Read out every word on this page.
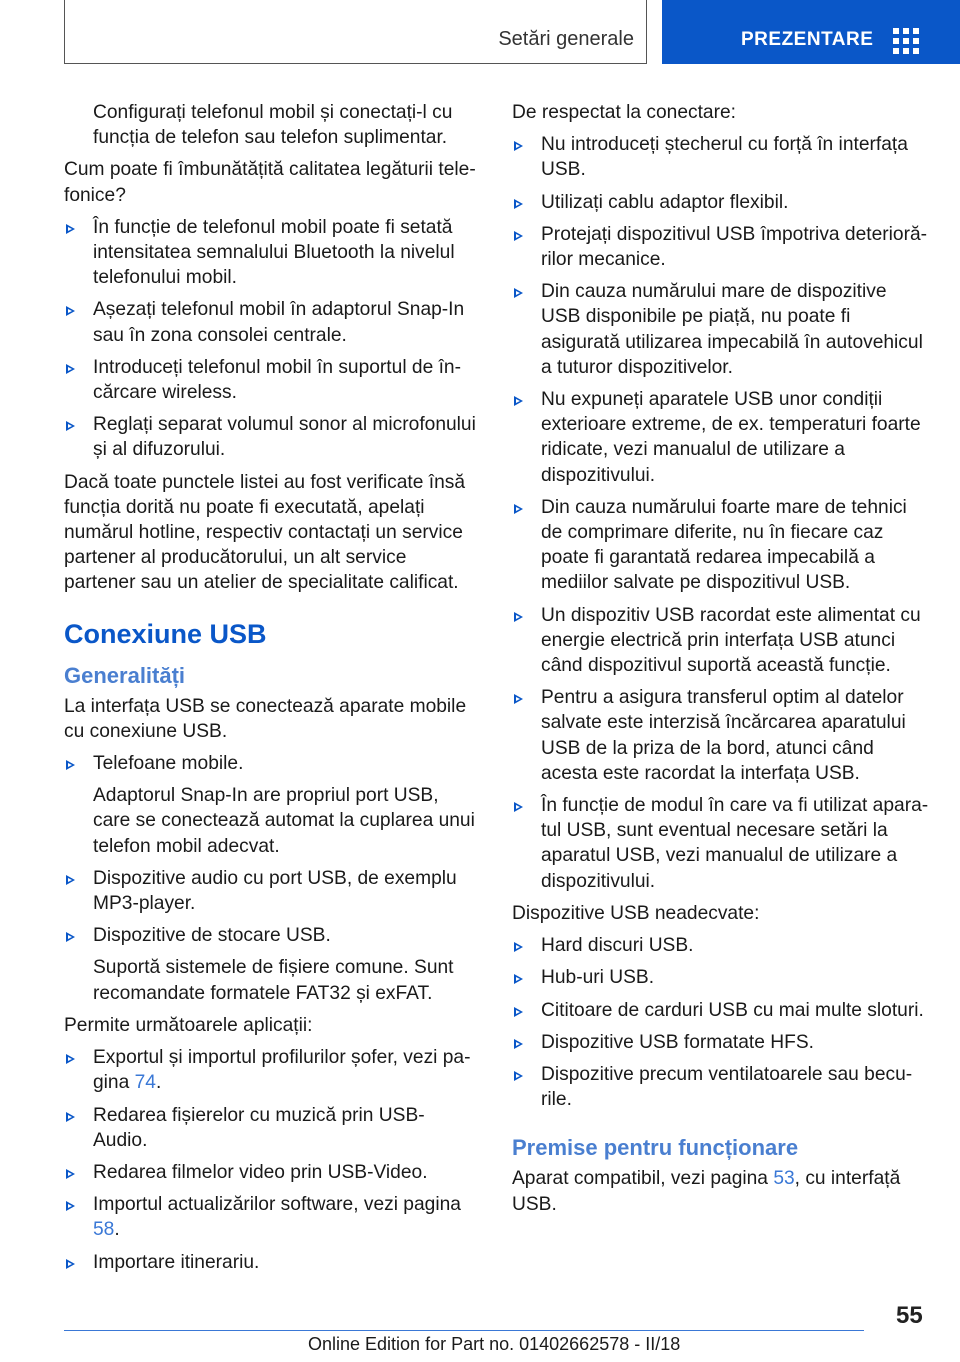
Setări generale	PREZENTARE

Configurați telefonul mobil și conectați-l cu funcția de telefon sau telefon suplimentar.

Cum poate fi îmbunătățită calitatea legăturii telefonice?

În funcție de telefonul mobil poate fi setată intensitatea semnalului Bluetooth la nivelul telefonului mobil.
Așezați telefonul mobil în adaptorul Snap-In sau în zona consolei centrale.
Introduceți telefonul mobil în suportul de încărcare wireless.
Reglați separat volumul sonor al microfonului și al difuzorului.

Dacă toate punctele listei au fost verificate însă funcția dorită nu poate fi executată, apelați numărul hotline, respectiv contactați un service partener al producătorului, un alt service partener sau un atelier de specialitate calificat.

Conexiune USB
Generalități

La interfața USB se conectează aparate mobile cu conexiune USB.

Telefoane mobile.
Adaptorul Snap-In are propriul port USB, care se conectează automat la cuplarea unui telefon mobil adecvat.
Dispozitive audio cu port USB, de exemplu MP3-player.
Dispozitive de stocare USB.
Suportă sistemele de fișiere comune. Sunt recomandate formatele FAT32 și exFAT.

Permite următoarele aplicații:

Exportul și importul profilurilor șofer, vezi pagina 74.
Redarea fișierelor cu muzică prin USB-Audio.
Redarea filmelor video prin USB-Video.
Importul actualizărilor software, vezi pagina 58.
Importare itinerariu.

De respectat la conectare:

Nu introduceți ștecherul cu forță în interfața USB.
Utilizați cablu adaptor flexibil.
Protejați dispozitivul USB împotriva deteriorărilor mecanice.
Din cauza numărului mare de dispozitive USB disponibile pe piață, nu poate fi asigurată utilizarea impecabilă în autovehicul a tuturor dispozitivelor.
Nu expuneți aparatele USB unor condiții exterioare extreme, de ex. temperaturi foarte ridicate, vezi manualul de utilizare a dispozitivului.
Din cauza numărului foarte mare de tehnici de comprimare diferite, nu în fiecare caz poate fi garantată redarea impecabilă a mediilor salvate pe dispozitivul USB.
Un dispozitiv USB racordat este alimentat cu energie electrică prin interfața USB atunci când dispozitivul suportă această funcție.
Pentru a asigura transferul optim al datelor salvate este interzisă încărcarea aparatului USB de la priza de la bord, atunci când acesta este racordat la interfața USB.
În funcție de modul în care va fi utilizat aparatul USB, sunt eventual necesare setări la aparatul USB, vezi manualul de utilizare a dispozitivului.

Dispozitive USB neadecvate:

Hard discuri USB.
Hub-uri USB.
Cititoare de carduri USB cu mai multe sloturi.
Dispozitive USB formatate HFS.
Dispozitive precum ventilatoarele sau becurile.
Premise pentru funcționare

Aparat compatibil, vezi pagina 53, cu interfață USB.

55
Online Edition for Part no. 01402662578 - II/18
